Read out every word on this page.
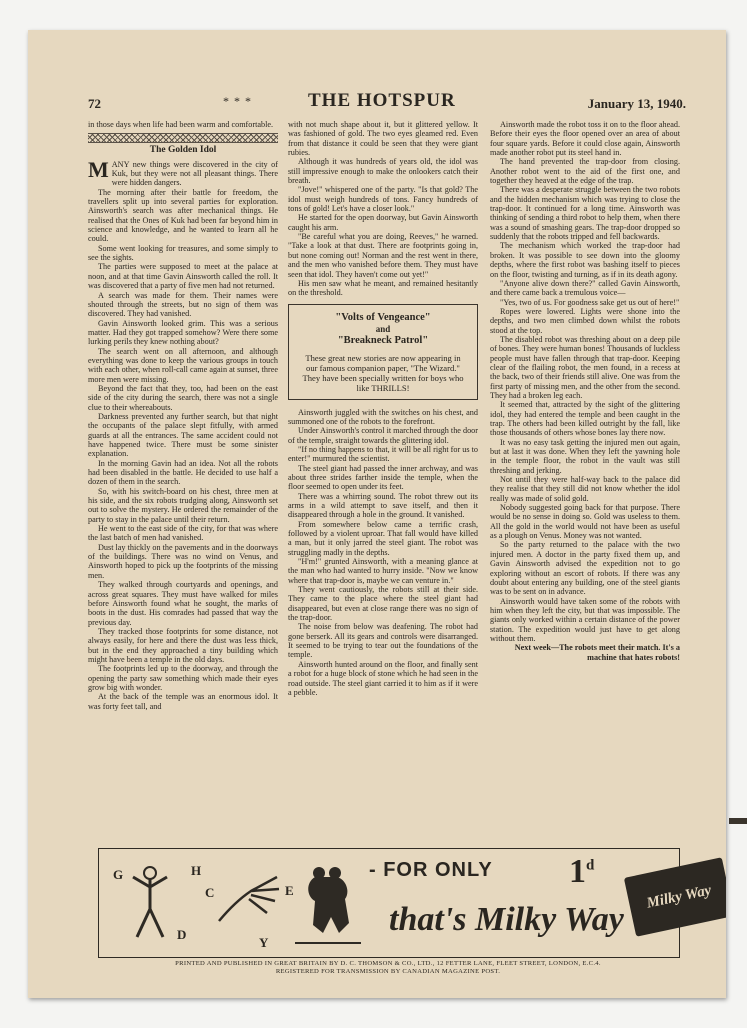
72	* * *	THE HOTSPUR	January 13, 1940.

in those days when life had been warm and comfortable.

The Golden Idol

MANY new things were discovered in the city of Kuk, but they were not all pleasant things. There were hidden dangers.

The morning after their battle for freedom, the travellers split up into several parties for exploration. Ainsworth's search was after mechanical things. He realised that the Ones of Kuk had been far beyond him in science and knowledge, and he wanted to learn all he could.

Some went looking for treasures, and some simply to see the sights.

The parties were supposed to meet at the palace at noon, and at that time Gavin Ainsworth called the roll. It was discovered that a party of five men had not returned.

A search was made for them. Their names were shouted through the streets, but no sign of them was discovered. They had vanished.

Gavin Ainsworth looked grim. This was a serious matter. Had they got trapped somehow? Were there some lurking perils they knew nothing about?

The search went on all afternoon, and although everything was done to keep the various groups in touch with each other, when roll-call came again at sunset, three more men were missing.

Beyond the fact that they, too, had been on the east side of the city during the search, there was not a single clue to their whereabouts.

Darkness prevented any further search, but that night the occupants of the palace slept fitfully, with armed guards at all the entrances. The same accident could not have happened twice. There must be some sinister explanation.

In the morning Gavin had an idea. Not all the robots had been disabled in the battle. He decided to use half a dozen of them in the search.

So, with his switch-board on his chest, three men at his side, and the six robots trudging along, Ainsworth set out to solve the mystery. He ordered the remainder of the party to stay in the palace until their return.

He went to the east side of the city, for that was where the last batch of men had vanished.

Dust lay thickly on the pavements and in the doorways of the buildings. There was no wind on Venus, and Ainsworth hoped to pick up the footprints of the missing men.

They walked through courtyards and openings, and across great squares. They must have walked for miles before Ainsworth found what he sought, the marks of boots in the dust. His comrades had passed that way the previous day.

They tracked those footprints for some distance, not always easily, for here and there the dust was less thick, but in the end they approached a tiny building which might have been a temple in the old days.

The footprints led up to the doorway, and through the opening the party saw something which made their eyes grow big with wonder.

At the back of the temple was an enormous idol. It was forty feet tall, and

with not much shape about it, but it glittered yellow. It was fashioned of gold. The two eyes gleamed red. Even from that distance it could be seen that they were giant rubies.

Although it was hundreds of years old, the idol was still impressive enough to make the onlookers catch their breath.

"Jove!" whispered one of the party. "Is that gold? The idol must weigh hundreds of tons. Fancy hundreds of tons of gold! Let's have a closer look."

He started for the open doorway, but Gavin Ainsworth caught his arm.

"Be careful what you are doing, Reeves," he warned. "Take a look at that dust. There are footprints going in, but none coming out! Norman and the rest went in there, and the men who vanished before them. They must have seen that idol. They haven't come out yet!"

His men saw what he meant, and remained hesitantly on the threshold.

"Volts of Vengeance"
and
"Breakneck Patrol"

These great new stories are now appearing in our famous companion paper, "The Wizard." They have been specially written for boys who like THRILLS!

Ainsworth juggled with the switches on his chest, and summoned one of the robots to the forefront.

Under Ainsworth's control it marched through the door of the temple, straight towards the glittering idol.

"If no thing happens to that, it will be all right for us to enter!" murmured the scientist.

The steel giant had passed the inner archway, and was about three strides farther inside the temple, when the floor seemed to open under its feet.

There was a whirring sound. The robot threw out its arms in a wild attempt to save itself, and then it disappeared through a hole in the ground. It vanished.

From somewhere below came a terrific crash, followed by a violent uproar. That fall would have killed a man, but it only jarred the steel giant. The robot was struggling madly in the depths.

"H'm!" grunted Ainsworth, with a meaning glance at the man who had wanted to hurry inside. "Now we know where that trap-door is, maybe we can venture in."

They went cautiously, the robots still at their side. They came to the place where the steel giant had disappeared, but even at close range there was no sign of the trap-door.

The noise from below was deafening. The robot had gone berserk. All its gears and controls were disarranged. It seemed to be trying to tear out the foundations of the temple.

Ainsworth hunted around on the floor, and finally sent a robot for a huge block of stone which he had seen in the road outside. The steel giant carried it to him as if it were a pebble.

Ainsworth made the robot toss it on to the floor ahead. Before their eyes the floor opened over an area of about four square yards. Before it could close again, Ainsworth made another robot put its steel hand in.

The hand prevented the trap-door from closing. Another robot went to the aid of the first one, and together they heaved at the edge of the trap.

There was a desperate struggle between the two robots and the hidden mechanism which was trying to close the trap-door. It continued for a long time. Ainsworth was thinking of sending a third robot to help them, when there was a sound of smashing gears. The trap-door dropped so suddenly that the robots tripped and fell backwards.

The mechanism which worked the trap-door had broken. It was possible to see down into the gloomy depths, where the first robot was bashing itself to pieces on the floor, twisting and turning, as if in its death agony.

"Anyone alive down there?" called Gavin Ainsworth, and there came back a tremulous voice—

"Yes, two of us. For goodness sake get us out of here!"

Ropes were lowered. Lights were shone into the depths, and two men climbed down whilst the robots stood at the top.

The disabled robot was threshing about on a deep pile of bones. They were human bones! Thousands of luckless people must have fallen through that trap-door. Keeping clear of the flailing robot, the men found, in a recess at the back, two of their friends still alive. One was from the first party of missing men, and the other from the second. They had a broken leg each.

It seemed that, attracted by the sight of the glittering idol, they had entered the temple and been caught in the trap. The others had been killed outright by the fall, like those thousands of others whose bones lay there now.

It was no easy task getting the injured men out again, but at last it was done. When they left the yawning hole in the temple floor, the robot in the vault was still threshing and jerking.

Not until they were half-way back to the palace did they realise that they still did not know whether the idol really was made of solid gold.

Nobody suggested going back for that purpose. There would be no sense in doing so. Gold was useless to them. All the gold in the world would not have been as useful as a plough on Venus. Money was not wanted.

So the party returned to the palace with the two injured men. A doctor in the party fixed them up, and Gavin Ainsworth advised the expedition not to go exploring without an escort of robots. If there was any doubt about entering any building, one of the steel giants was to be sent on in advance.

Ainsworth would have taken some of the robots with him when they left the city, but that was impossible. The giants only worked within a certain distance of the power station. The expedition would just have to get along without them.

Next week—The robots meet their match. It's a machine that hates robots!

G
D
H
C
Y
E
- FOR ONLY 1$^d$
that's Milky Way
Milky Way
PRINTED AND PUBLISHED IN GREAT BRITAIN BY D. C. THOMSON & CO., LTD., 12 FETTER LANE, FLEET STREET, LONDON, E.C.4.
REGISTERED FOR TRANSMISSION BY CANADIAN MAGAZINE POST.
